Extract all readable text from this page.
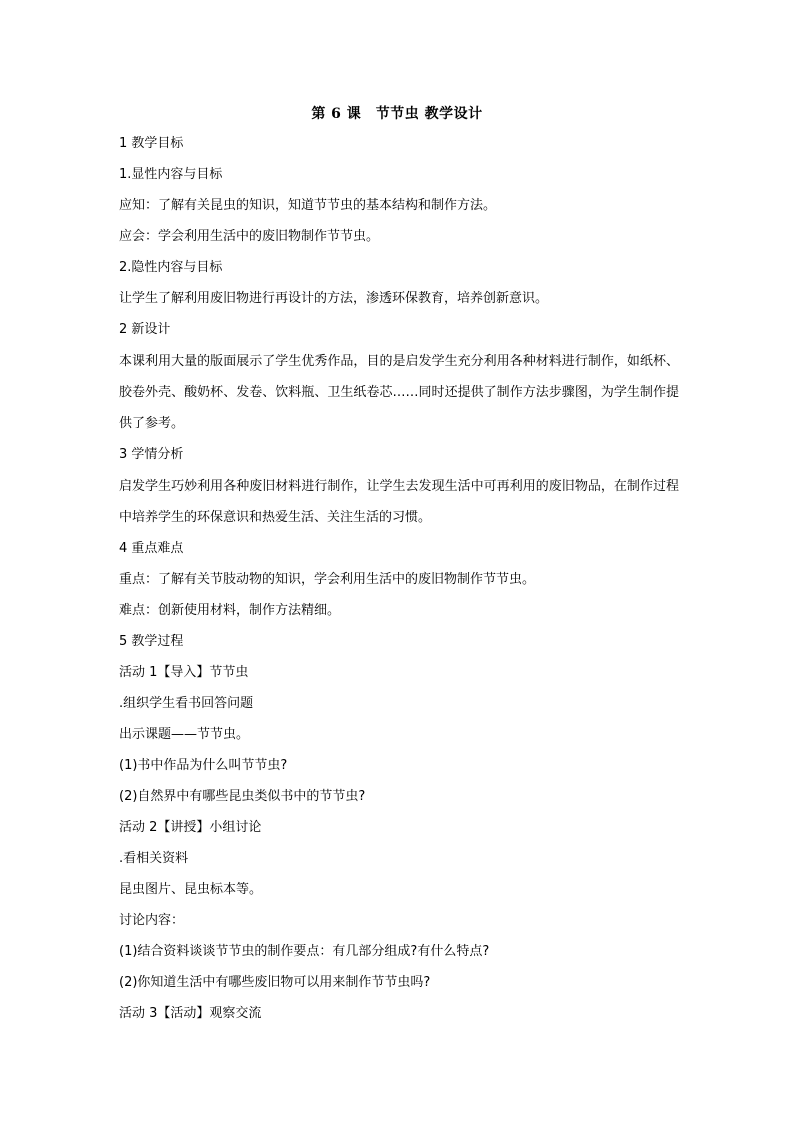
第 6 课　节节虫 教学设计

1 教学目标

1.显性内容与目标

应知：了解有关昆虫的知识，知道节节虫的基本结构和制作方法。

应会：学会利用生活中的废旧物制作节节虫。

2.隐性内容与目标

让学生了解利用废旧物进行再设计的方法，渗透环保教育，培养创新意识。

2 新设计

本课利用大量的版面展示了学生优秀作品，目的是启发学生充分利用各种材料进行制作，如纸杯、胶卷外壳、酸奶杯、发卷、饮料瓶、卫生纸卷芯……同时还提供了制作方法步骤图，为学生制作提供了参考。

3 学情分析

启发学生巧妙利用各种废旧材料进行制作，让学生去发现生活中可再利用的废旧物品，在制作过程中培养学生的环保意识和热爱生活、关注生活的习惯。

4 重点难点

重点：了解有关节肢动物的知识，学会利用生活中的废旧物制作节节虫。

难点：创新使用材料，制作方法精细。

5 教学过程

活动 1【导入】节节虫

.组织学生看书回答问题

出示课题——节节虫。

(1)书中作品为什么叫节节虫?

(2)自然界中有哪些昆虫类似书中的节节虫?

活动 2【讲授】小组讨论

.看相关资料

昆虫图片、昆虫标本等。

讨论内容：

(1)结合资料谈谈节节虫的制作要点：有几部分组成?有什么特点?

(2)你知道生活中有哪些废旧物可以用来制作节节虫吗?

活动 3【活动】观察交流
